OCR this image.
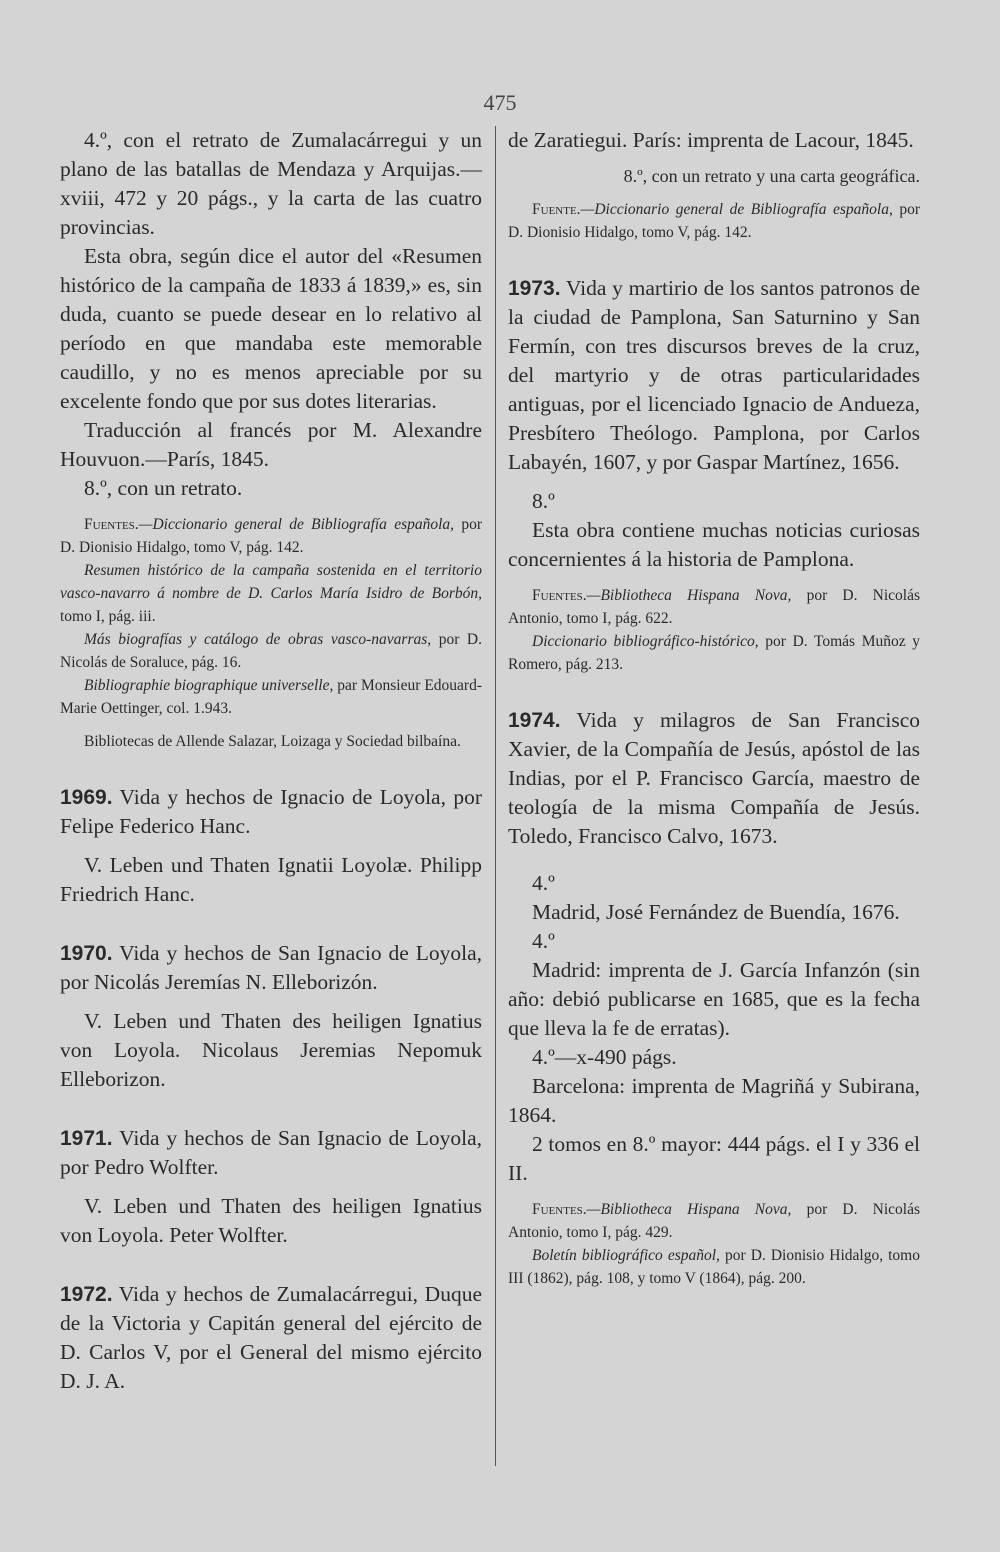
475

4.º, con el retrato de Zumalacárregui y un plano de las batallas de Mendaza y Arquijas.—xviii, 472 y 20 págs., y la carta de las cuatro provincias.

Esta obra, según dice el autor del «Resumen histórico de la campaña de 1833 á 1839,» es, sin duda, cuanto se puede desear en lo relativo al período en que mandaba este memorable caudillo, y no es menos apreciable por su excelente fondo que por sus dotes literarias.

Traducción al francés por M. Alexandre Houvuon.—París, 1845.

8.º, con un retrato.

Fuentes.—Diccionario general de Bibliografía española, por D. Dionisio Hidalgo, tomo V, pág. 142.

Resumen histórico de la campaña sostenida en el territorio vasco-navarro á nombre de D. Carlos María Isidro de Borbón, tomo I, pág. iii.

Más biografías y catálogo de obras vasco-navarras, por D. Nicolás de Soraluce, pág. 16.

Bibliographie biographique universelle, par Monsieur Edouard-Marie Oettinger, col. 1.943.

Bibliotecas de Allende Salazar, Loizaga y Sociedad bilbaína.

1969. Vida y hechos de Ignacio de Loyola, por Felipe Federico Hanc.

V. Leben und Thaten Ignatii Loyolæ. Philipp Friedrich Hanc.

1970. Vida y hechos de San Ignacio de Loyola, por Nicolás Jeremías N. Elleborizón.

V. Leben und Thaten des heiligen Ignatius von Loyola. Nicolaus Jeremias Nepomuk Elleborizon.

1971. Vida y hechos de San Ignacio de Loyola, por Pedro Wolfter.

V. Leben und Thaten des heiligen Ignatius von Loyola. Peter Wolfter.

1972. Vida y hechos de Zumalacárregui, Duque de la Victoria y Capitán general del ejército de D. Carlos V, por el General del mismo ejército D. J. A.

de Zaratiegui. París: imprenta de Lacour, 1845.

8.º, con un retrato y una carta geográfica.

Fuente.—Diccionario general de Bibliografía española, por D. Dionisio Hidalgo, tomo V, pág. 142.

1973. Vida y martirio de los santos patronos de la ciudad de Pamplona, San Saturnino y San Fermín, con tres discursos breves de la cruz, del martyrio y de otras particularidades antiguas, por el licenciado Ignacio de Andueza, Presbítero Theólogo. Pamplona, por Carlos Labayén, 1607, y por Gaspar Martínez, 1656.

8.º

Esta obra contiene muchas noticias curiosas concernientes á la historia de Pamplona.

Fuentes.—Bibliotheca Hispana Nova, por D. Nicolás Antonio, tomo I, pág. 622.

Diccionario bibliográfico-histórico, por D. Tomás Muñoz y Romero, pág. 213.

1974. Vida y milagros de San Francisco Xavier, de la Compañía de Jesús, apóstol de las Indias, por el P. Francisco García, maestro de teología de la misma Compañía de Jesús. Toledo, Francisco Calvo, 1673.

4.º

Madrid, José Fernández de Buendía, 1676.

4.º

Madrid: imprenta de J. García Infanzón (sin año: debió publicarse en 1685, que es la fecha que lleva la fe de erratas).

4.º—x-490 págs.

Barcelona: imprenta de Magriñá y Subirana, 1864.

2 tomos en 8.º mayor: 444 págs. el I y 336 el II.

Fuentes.—Bibliotheca Hispana Nova, por D. Nicolás Antonio, tomo I, pág. 429.

Boletín bibliográfico español, por D. Dionisio Hidalgo, tomo III (1862), pág. 108, y tomo V (1864), pág. 200.
